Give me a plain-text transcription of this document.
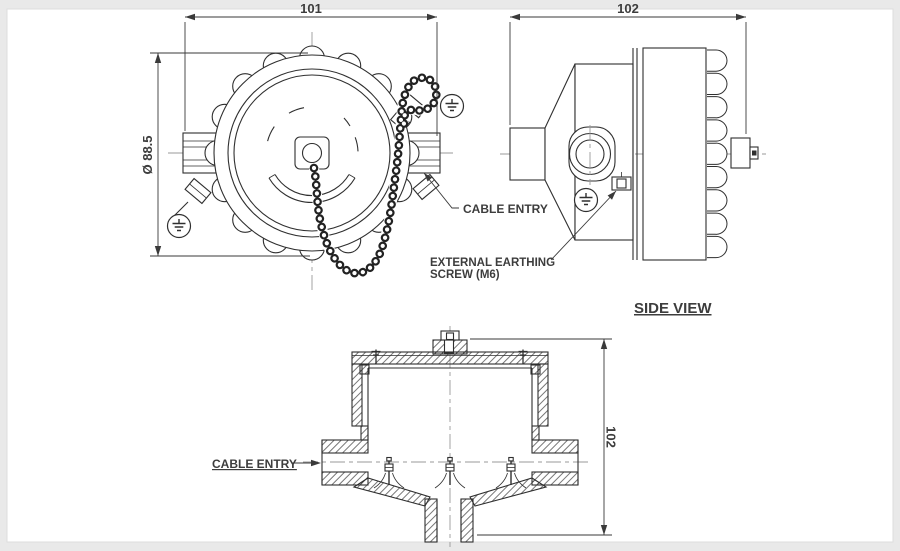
101
Ø 88.5
CABLE ENTRY
102
EXTERNAL EARTHING
SCREW (M6)
SIDE VIEW
102
CABLE ENTRY
